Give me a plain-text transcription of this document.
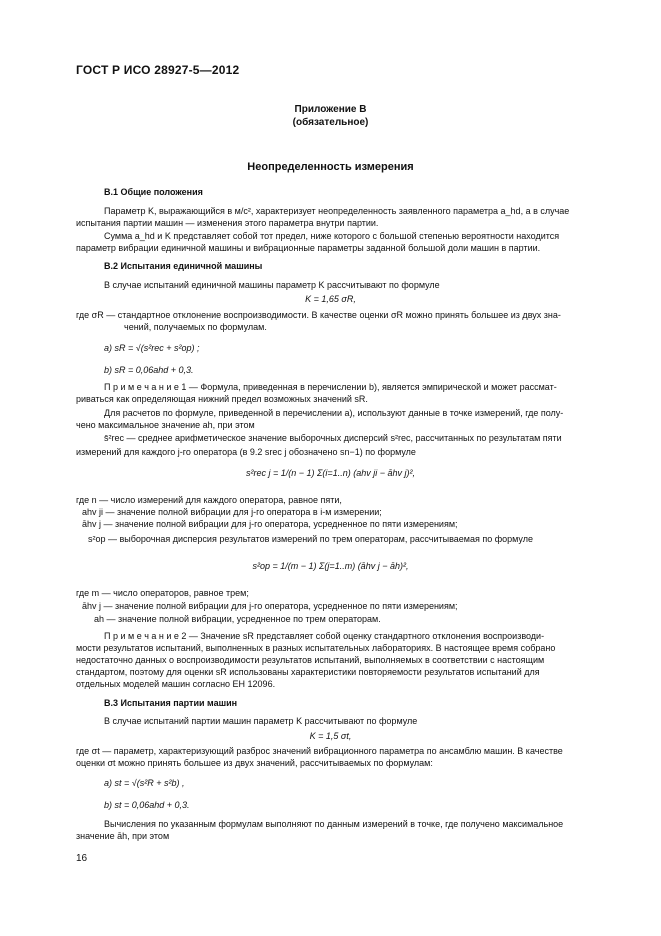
ГОСТ Р ИСО 28927-5—2012
Приложение В
(обязательное)
Неопределенность измерения
В.1 Общие положения
Параметр K, выражающийся в м/с², характеризует неопределенность заявленного параметра a_hd, а в случае
испытания партии машин — изменения этого параметра внутри партии.
Сумма a_hd и K представляет собой тот предел, ниже которого с большой степенью вероятности находится
параметр вибрации единичной машины и вибрационные параметры заданной большой доли машин в партии.
В.2 Испытания единичной машины
В случае испытаний единичной машины параметр K рассчитывают по формуле
K = 1,65 σR,
где σR — стандартное отклонение воспроизводимости. В качестве оценки σR можно принять большее из двух зна-
чений, получаемых по формулам.
a) sR = √(s²rec + s²op) ;
b) sR = 0,06ahd + 0,3.
П р и м е ч а н и е 1 — Формула, приведенная в перечислении b), является эмпирической и может рассмат-
риваться как определяющая нижний предел возможных значений sR.
Для расчетов по формуле, приведенной в перечислении а), используют данные в точке измерений, где полу-
чено максимальное значение ah, при этом
s̄²rec — среднее арифметическое значение выборочных дисперсий s²rec, рассчитанных по результатам пяти
измерений для каждого j-го оператора (в 9.2 srec j обозначено sn−1) по формуле
s²rec j = 1/(n − 1) Σ(i=1..n) (ahv ji − āhv j)²,
где n — число измерений для каждого оператора, равное пяти,
ahv ji — значение полной вибрации для j-го оператора в i-м измерении;
āhv j — значение полной вибрации для j-го оператора, усредненное по пяти измерениям;
s²op — выборочная дисперсия результатов измерений по трем операторам, рассчитываемая по формуле
s²op = 1/(m − 1) Σ(j=1..m) (āhv j − āh)²,
где m — число операторов, равное трем;
āhv j — значение полной вибрации для j-го оператора, усредненное по пяти измерениям;
ah — значение полной вибрации, усредненное по трем операторам.
П р и м е ч а н и е 2 — Значение sR представляет собой оценку стандартного отклонения воспроизводи-
мости результатов испытаний, выполненных в разных испытательных лабораториях. В настоящее время собрано
недостаточно данных о воспроизводимости результатов испытаний, выполняемых в соответствии с настоящим
стандартом, поэтому для оценки sR использованы характеристики повторяемости результатов испытаний для
отдельных моделей машин согласно ЕН 12096.
В.3 Испытания партии машин
В случае испытаний партии машин параметр K рассчитывают по формуле
K = 1,5 σt,
где σt — параметр, характеризующий разброс значений вибрационного параметра по ансамблю машин. В качестве
оценки σt можно принять большее из двух значений, рассчитываемых по формулам:
a) st = √(s²R + s²b) ,
b) st = 0,06ahd + 0,3.
Вычисления по указанным формулам выполняют по данным измерений в точке, где получено максимальное
значение āh, при этом
16
